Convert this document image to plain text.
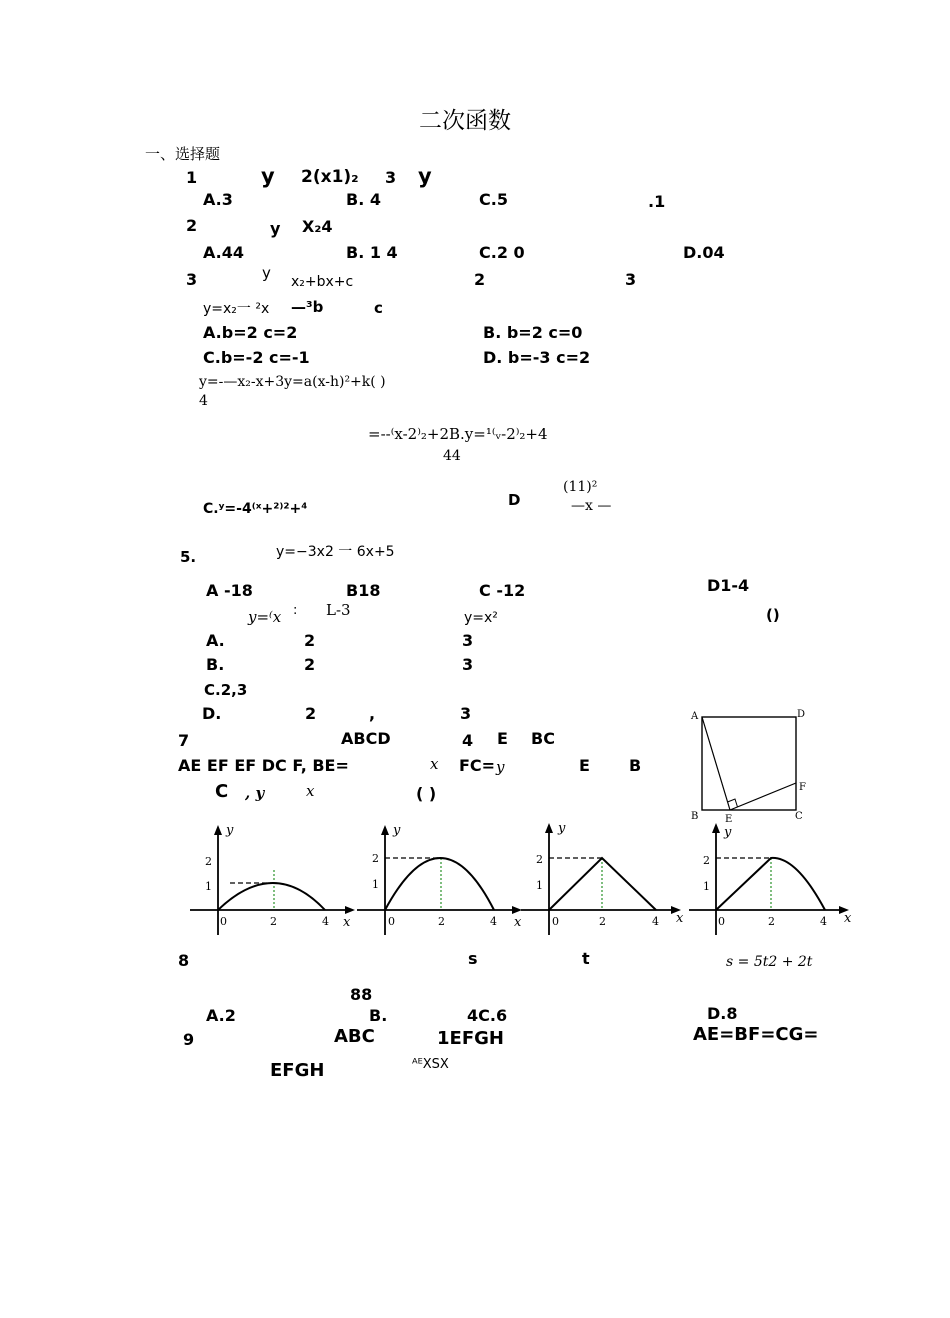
二次函数
一、选择题
1	y 2(x1)₂ 3 y
A.3	B. 4	C.5	.1
2	y X₂4
A.44	B. 1 4	C.2 0	D.04
3	y x₂+bx+c	2	3
y=x₂一 ²x —³b	c
A.b=2 c=2	B. b=2 c=0
C.b=-2 c=-1	D. b=-3 c=2
y=-—x₂-x+3y=a(x-h)²+k( )
4
=--⁽x-2⁾₂+2B.y=¹⁽ᵥ-2⁾₂+4
44
(11)²
D	—x —
C.ʸ=-4⁽ˣ+²⁾²+⁴
5.	y=−3x2 一 6x+5
A -18	B18	C -12	D1-4
y=⁽x : L-3	y=x²	()
A.	2	3
B.	2	3
C.2,3
D.	2	,	3
7	ABCD	4 E BC
AE EF EF DC F, BE=	x FC= y	E B
C , y	x	( )
A	D
B	E	C
F
y
x
2
1
0	2	4
y
x
2
1
0	2	4
y
x
2
1
0	2	4
y
x
2
1
0	2	4
8	s	t	s = 5t2 + 2t
88
A.2	B.	4C.6	D.8
9	ABC	1EFGH	AE=BF=CG=
EFGH	ᴬᴱXSX
